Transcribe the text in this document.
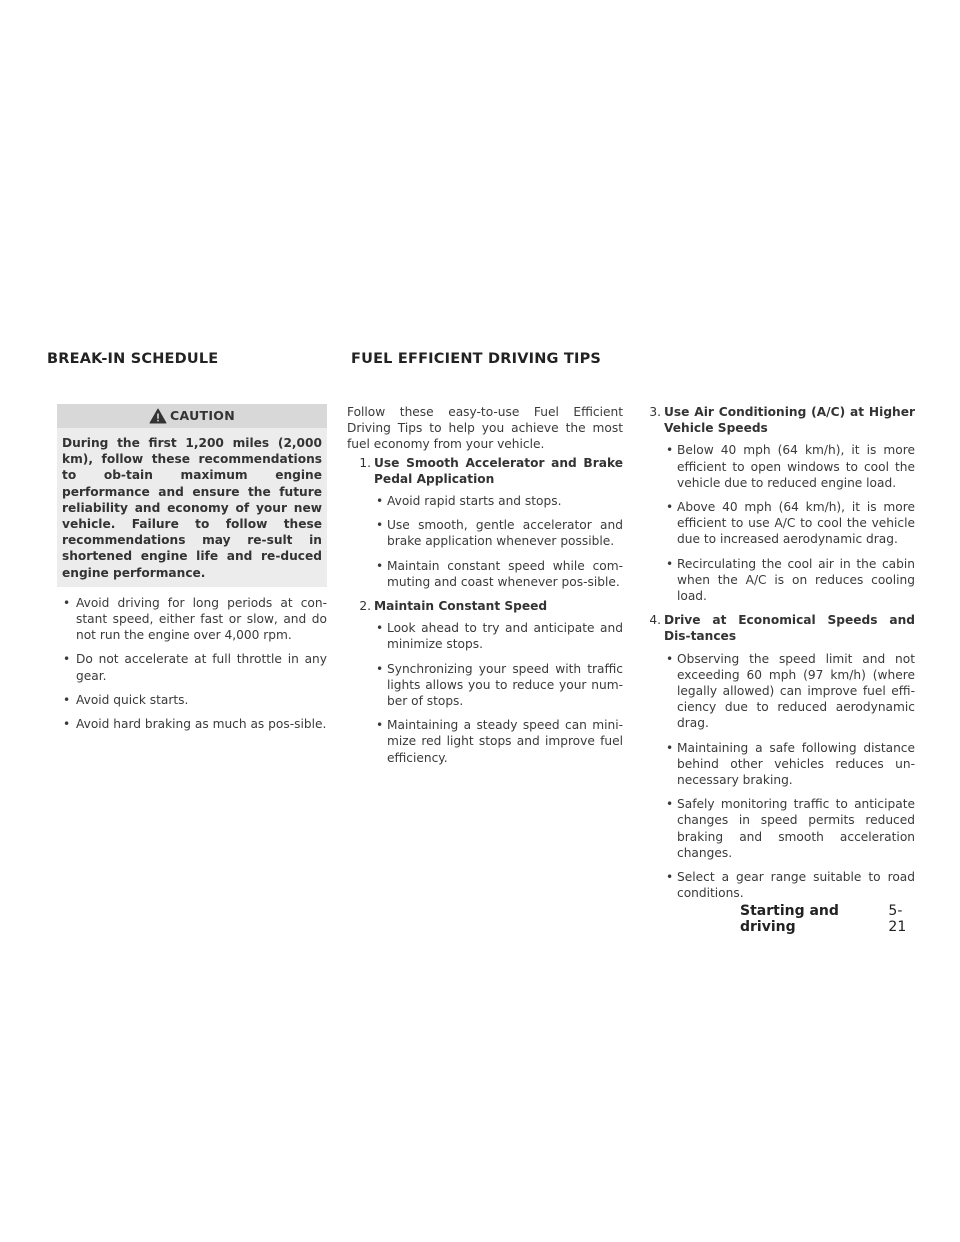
BREAK-IN SCHEDULE	FUEL EFFICIENT DRIVING TIPS
CAUTION
During the first 1,200 miles (2,000 km), follow these recommendations to ob-tain maximum engine performance and ensure the future reliability and economy of your new vehicle. Failure to follow these recommendations may re-sult in shortened engine life and re-duced engine performance.
• Avoid driving for long periods at con-stant speed, either fast or slow, and do not run the engine over 4,000 rpm.
• Do not accelerate at full throttle in any gear.
• Avoid quick starts.
• Avoid hard braking as much as pos-sible.

Follow these easy-to-use Fuel Efficient Driving Tips to help you achieve the most fuel economy from your vehicle.

1. Use Smooth Accelerator and Brake Pedal Application
• Avoid rapid starts and stops.
• Use smooth, gentle accelerator and brake application whenever possible.
• Maintain constant speed while com-muting and coast whenever pos-sible.
2. Maintain Constant Speed
• Look ahead to try and anticipate and minimize stops.
• Synchronizing your speed with traffic lights allows you to reduce your num-ber of stops.
• Maintaining a steady speed can mini-mize red light stops and improve fuel efficiency.
3. Use Air Conditioning (A/C) at Higher Vehicle Speeds
• Below 40 mph (64 km/h), it is more efficient to open windows to cool the vehicle due to reduced engine load.
• Above 40 mph (64 km/h), it is more efficient to use A/C to cool the vehicle due to increased aerodynamic drag.
• Recirculating the cool air in the cabin when the A/C is on reduces cooling load.
4. Drive at Economical Speeds and Dis-tances
• Observing the speed limit and not exceeding 60 mph (97 km/h) (where legally allowed) can improve fuel effi-ciency due to reduced aerodynamic drag.
• Maintaining a safe following distance behind other vehicles reduces un-necessary braking.
• Safely monitoring traffic to anticipate changes in speed permits reduced braking and smooth acceleration changes.
• Select a gear range suitable to road conditions.
Starting and driving
5-21
